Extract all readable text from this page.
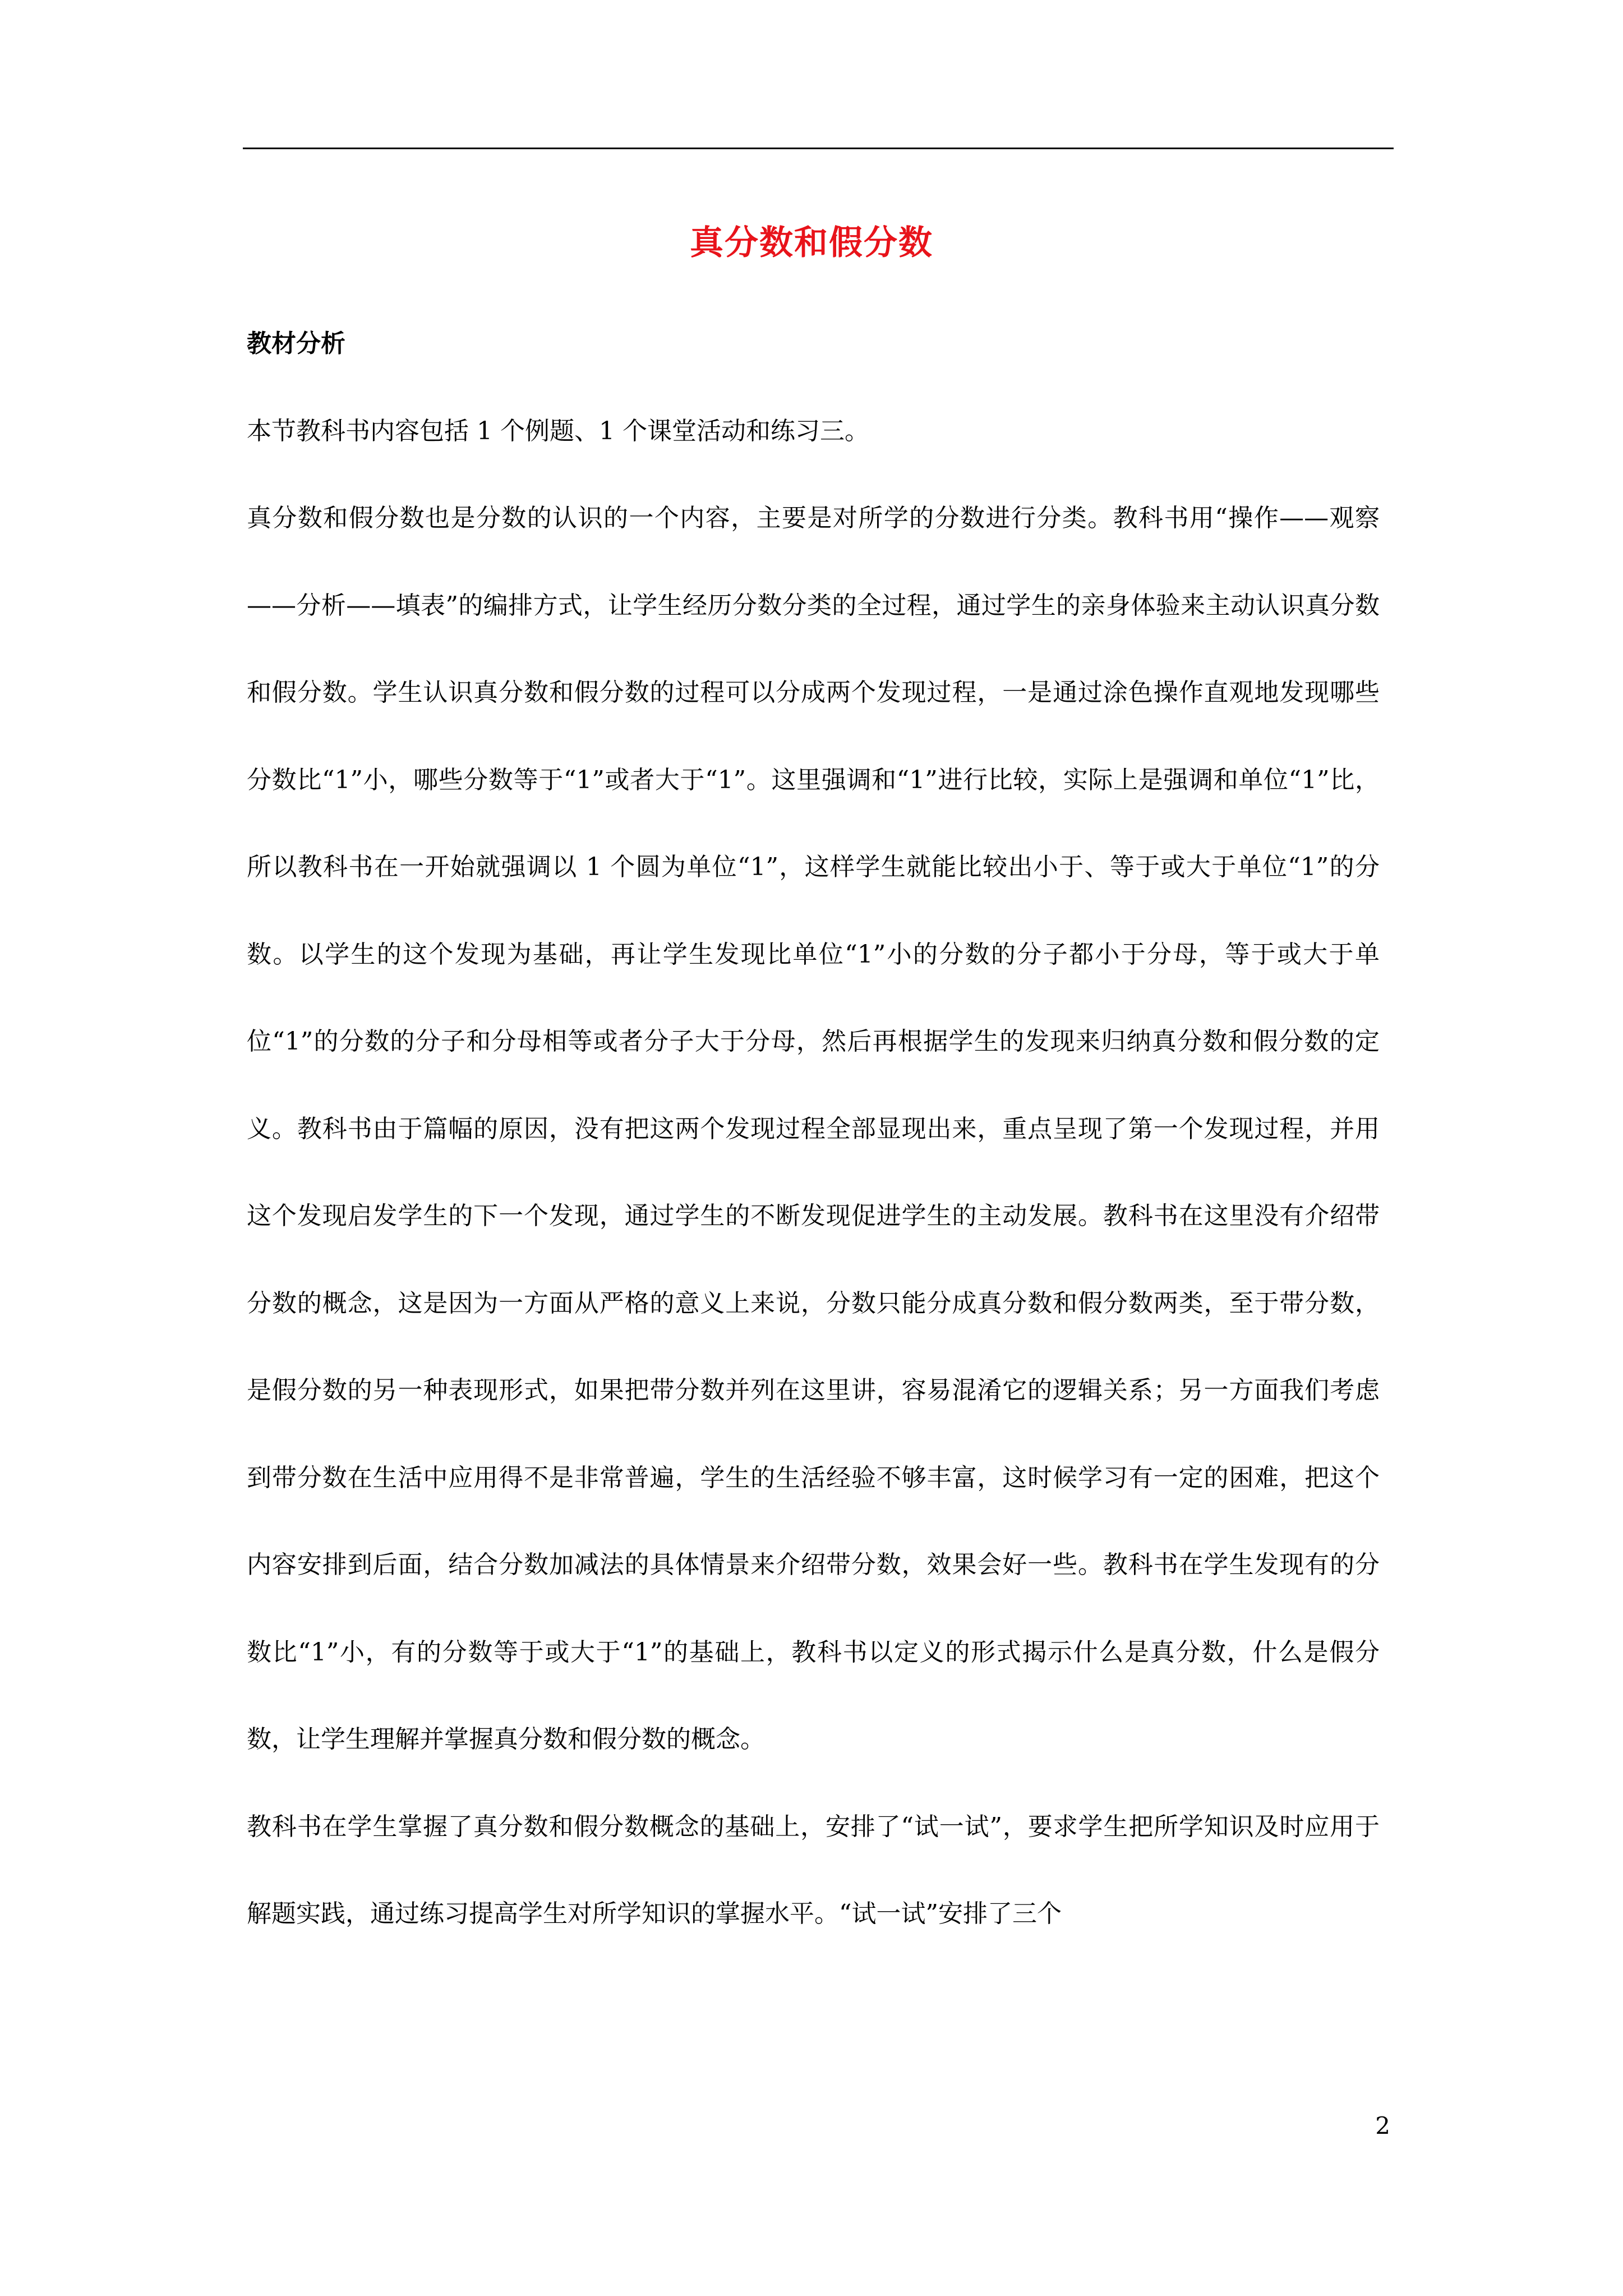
真分数和假分数

教材分析

本节教科书内容包括 1 个例题、1 个课堂活动和练习三。

真分数和假分数也是分数的认识的一个内容，主要是对所学的分数进行分类。教科书用“操作——观察——分析——填表”的编排方式，让学生经历分数分类的全过程，通过学生的亲身体验来主动认识真分数和假分数。学生认识真分数和假分数的过程可以分成两个发现过程，一是通过涂色操作直观地发现哪些分数比“1”小，哪些分数等于“1”或者大于“1”。这里强调和“1”进行比较，实际上是强调和单位“1”比，所以教科书在一开始就强调以 1 个圆为单位“1”，这样学生就能比较出小于、等于或大于单位“1”的分数。以学生的这个发现为基础，再让学生发现比单位“1”小的分数的分子都小于分母，等于或大于单位“1”的分数的分子和分母相等或者分子大于分母，然后再根据学生的发现来归纳真分数和假分数的定义。教科书由于篇幅的原因，没有把这两个发现过程全部显现出来，重点呈现了第一个发现过程，并用这个发现启发学生的下一个发现，通过学生的不断发现促进学生的主动发展。教科书在这里没有介绍带分数的概念，这是因为一方面从严格的意义上来说，分数只能分成真分数和假分数两类，至于带分数，是假分数的另一种表现形式，如果把带分数并列在这里讲，容易混淆它的逻辑关系；另一方面我们考虑到带分数在生活中应用得不是非常普遍，学生的生活经验不够丰富，这时候学习有一定的困难，把这个内容安排到后面，结合分数加减法的具体情景来介绍带分数，效果会好一些。教科书在学生发现有的分数比“1”小，有的分数等于或大于“1”的基础上，教科书以定义的形式揭示什么是真分数，什么是假分数，让学生理解并掌握真分数和假分数的概念。

教科书在学生掌握了真分数和假分数概念的基础上，安排了“试一试”，要求学生把所学知识及时应用于解题实践，通过练习提高学生对所学知识的掌握水平。“试一试”安排了三个

2
